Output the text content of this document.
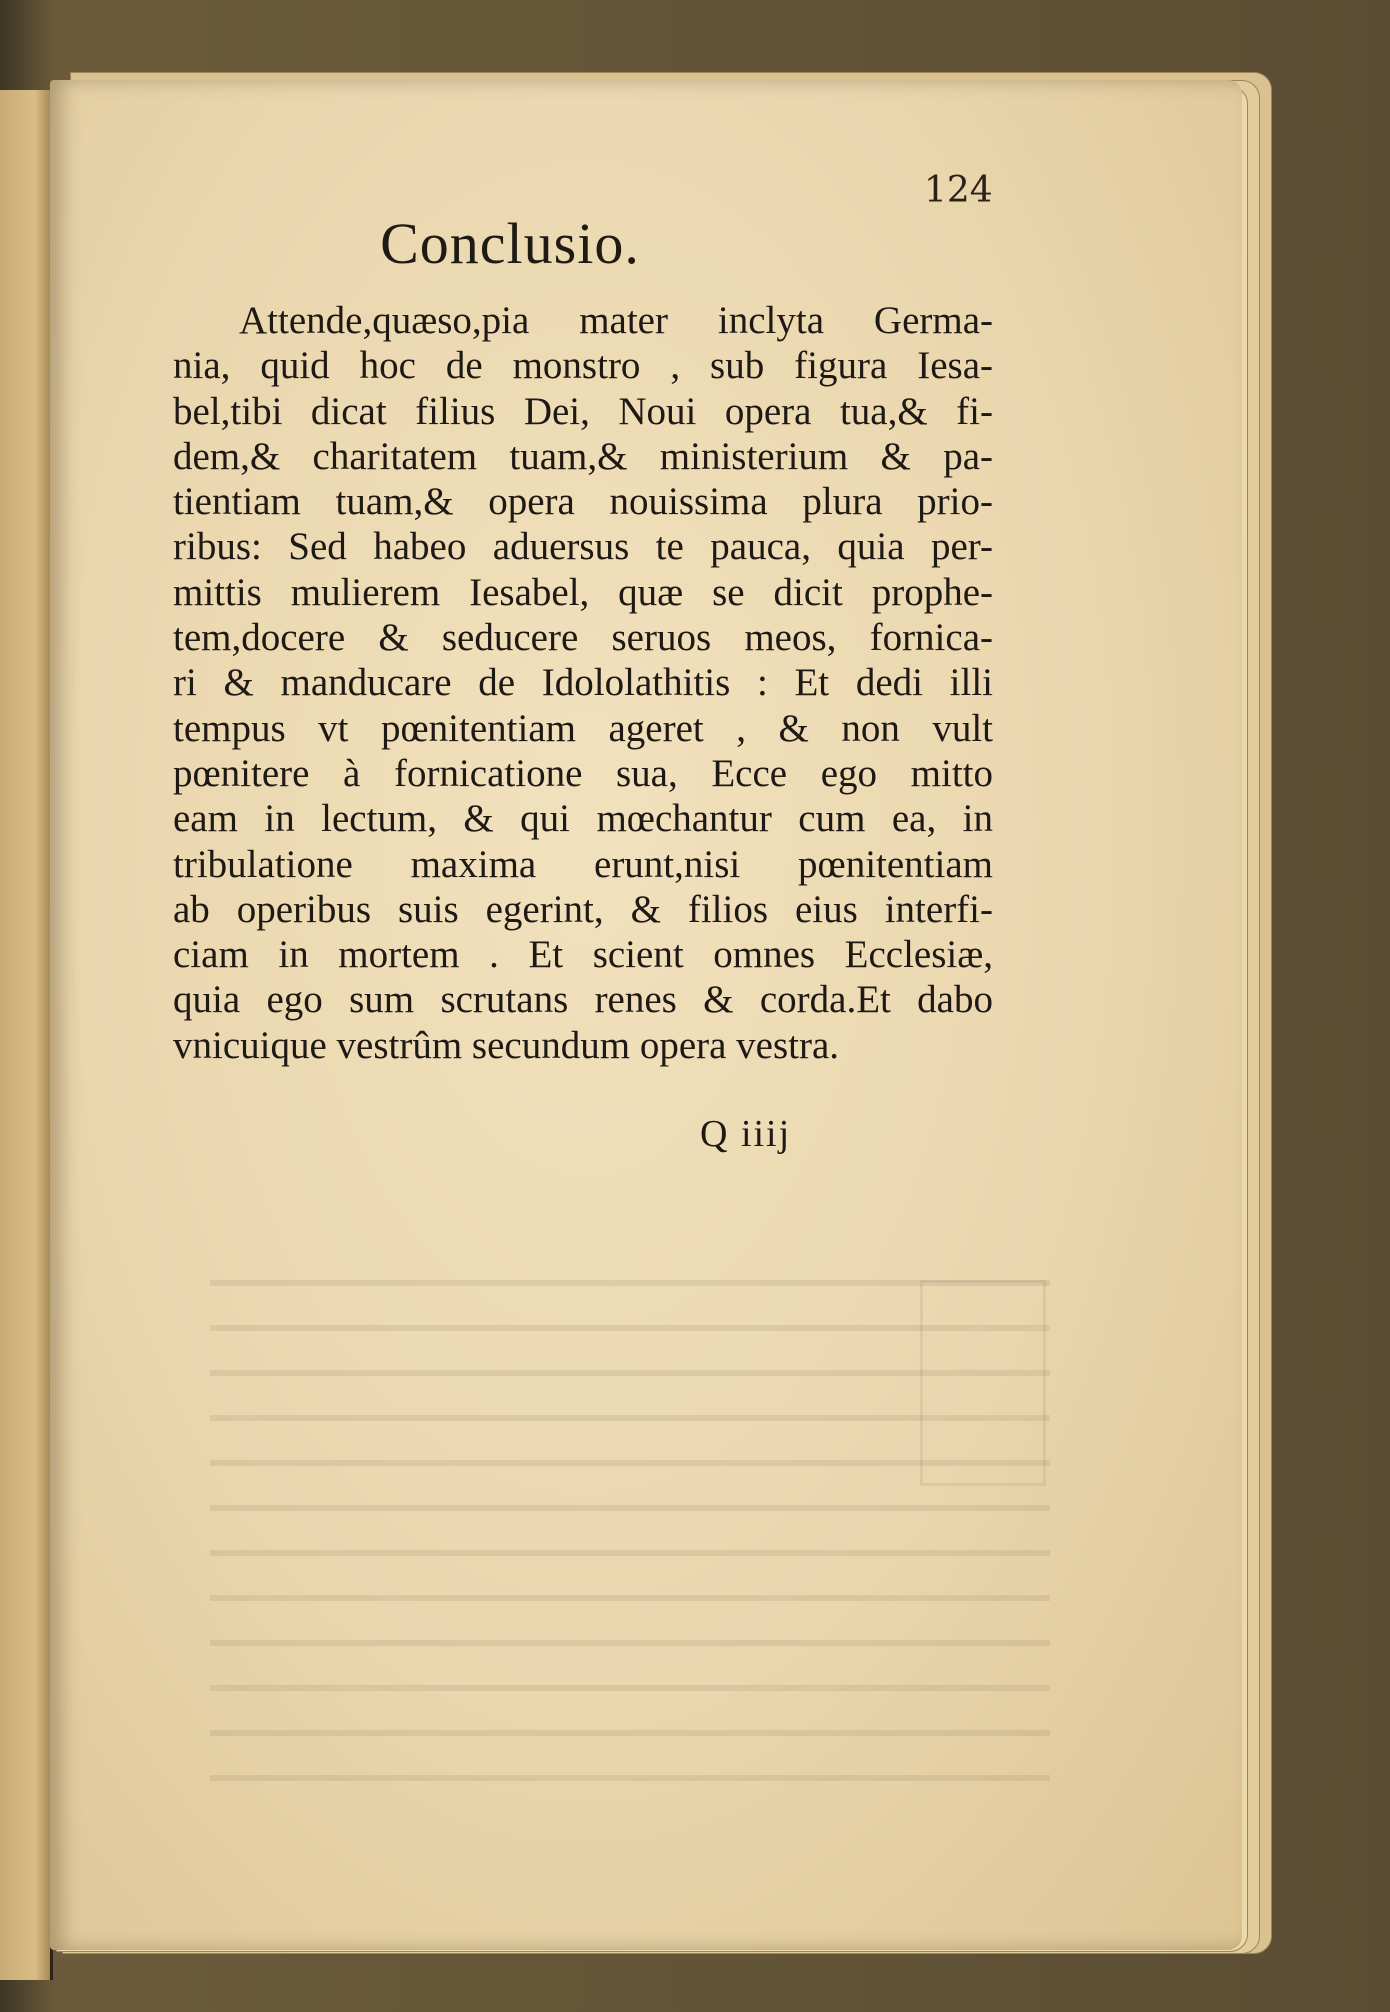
124
Conclusio.
Attende,quæso,pia mater inclyta Germa-
nia, quid hoc de monstro , sub figura Iesa-
bel,tibi dicat filius Dei, Noui opera tua,& fi-
dem,& charitatem tuam,& ministerium & pa-
tientiam tuam,& opera nouissima plura prio-
ribus: Sed habeo aduersus te pauca, quia per-
mittis mulierem Iesabel, quæ se dicit prophe-
tem,docere & seducere seruos meos, fornica-
ri & manducare de Idololathitis : Et dedi illi
tempus vt pœnitentiam ageret , & non vult
pœnitere à fornicatione sua, Ecce ego mitto
eam in lectum, & qui mœchantur cum ea, in
tribulatione maxima erunt,nisi pœnitentiam
ab operibus suis egerint, & filios eius interfi-
ciam in mortem . Et scient omnes Ecclesiæ,
quia ego sum scrutans renes & corda.Et dabo
vnicuique vestrûm secundum opera vestra.
Q iiij
